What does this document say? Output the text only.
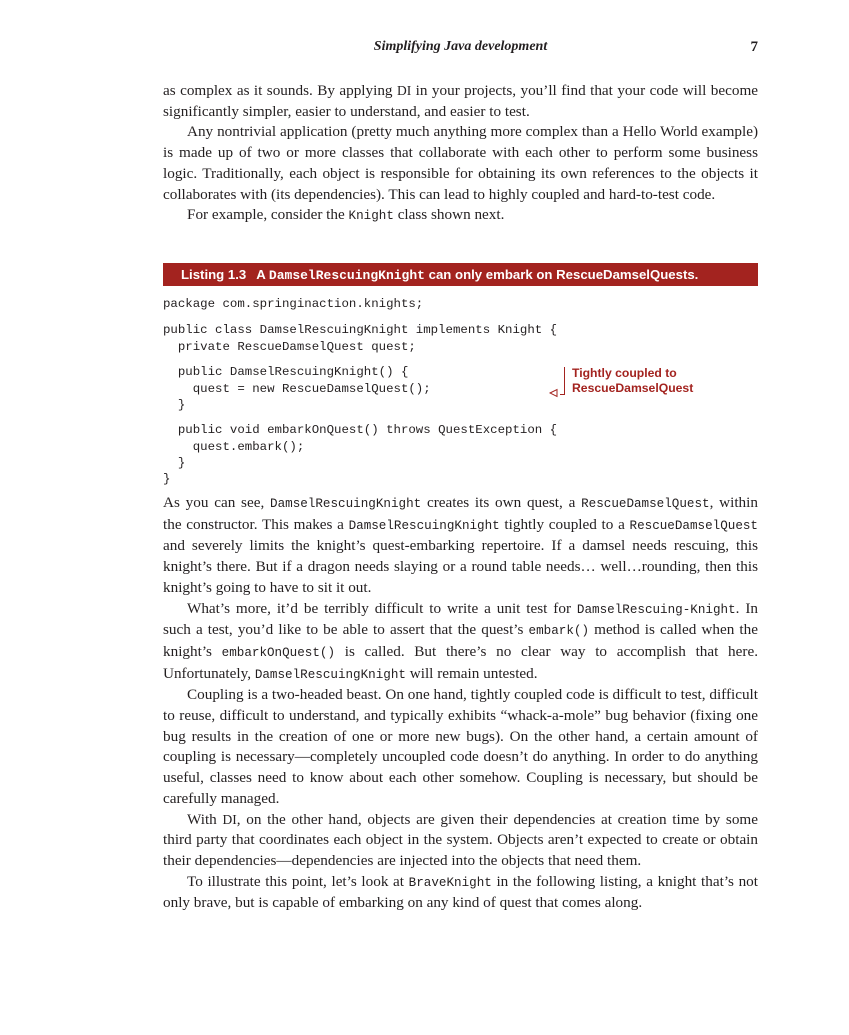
Simplifying Java development	7

as complex as it sounds. By applying DI in your projects, you’ll find that your code will become significantly simpler, easier to understand, and easier to test.

Any nontrivial application (pretty much anything more complex than a Hello World example) is made up of two or more classes that collaborate with each other to perform some business logic. Traditionally, each object is responsible for obtaining its own references to the objects it collaborates with (its dependencies). This can lead to highly coupled and hard-to-test code.

For example, consider the Knight class shown next.

Listing 1.3 A DamselRescuingKnight can only embark on RescueDamselQuests.
package com.springinaction.knights;
public class DamselRescuingKnight implements Knight {
private RescueDamselQuest quest;
public DamselRescuingKnight() {
quest = new RescueDamselQuest();
}
public void embarkOnQuest() throws QuestException {
quest.embark();
}
}
Tightly coupled to
RescueDamselQuest

As you can see, DamselRescuingKnight creates its own quest, a RescueDamselQuest, within the constructor. This makes a DamselRescuingKnight tightly coupled to a RescueDamselQuest and severely limits the knight’s quest-embarking repertoire. If a damsel needs rescuing, this knight’s there. But if a dragon needs slaying or a round table needs… well…rounding, then this knight’s going to have to sit it out.

What’s more, it’d be terribly difficult to write a unit test for DamselRescuing-Knight. In such a test, you’d like to be able to assert that the quest’s embark() method is called when the knight’s embarkOnQuest() is called. But there’s no clear way to accomplish that here. Unfortunately, DamselRescuingKnight will remain untested.

Coupling is a two-headed beast. On one hand, tightly coupled code is difficult to test, difficult to reuse, difficult to understand, and typically exhibits “whack-a-mole” bug behavior (fixing one bug results in the creation of one or more new bugs). On the other hand, a certain amount of coupling is necessary—completely uncoupled code doesn’t do anything. In order to do anything useful, classes need to know about each other somehow. Coupling is necessary, but should be carefully managed.

With DI, on the other hand, objects are given their dependencies at creation time by some third party that coordinates each object in the system. Objects aren’t expected to create or obtain their dependencies—dependencies are injected into the objects that need them.

To illustrate this point, let’s look at BraveKnight in the following listing, a knight that’s not only brave, but is capable of embarking on any kind of quest that comes along.
